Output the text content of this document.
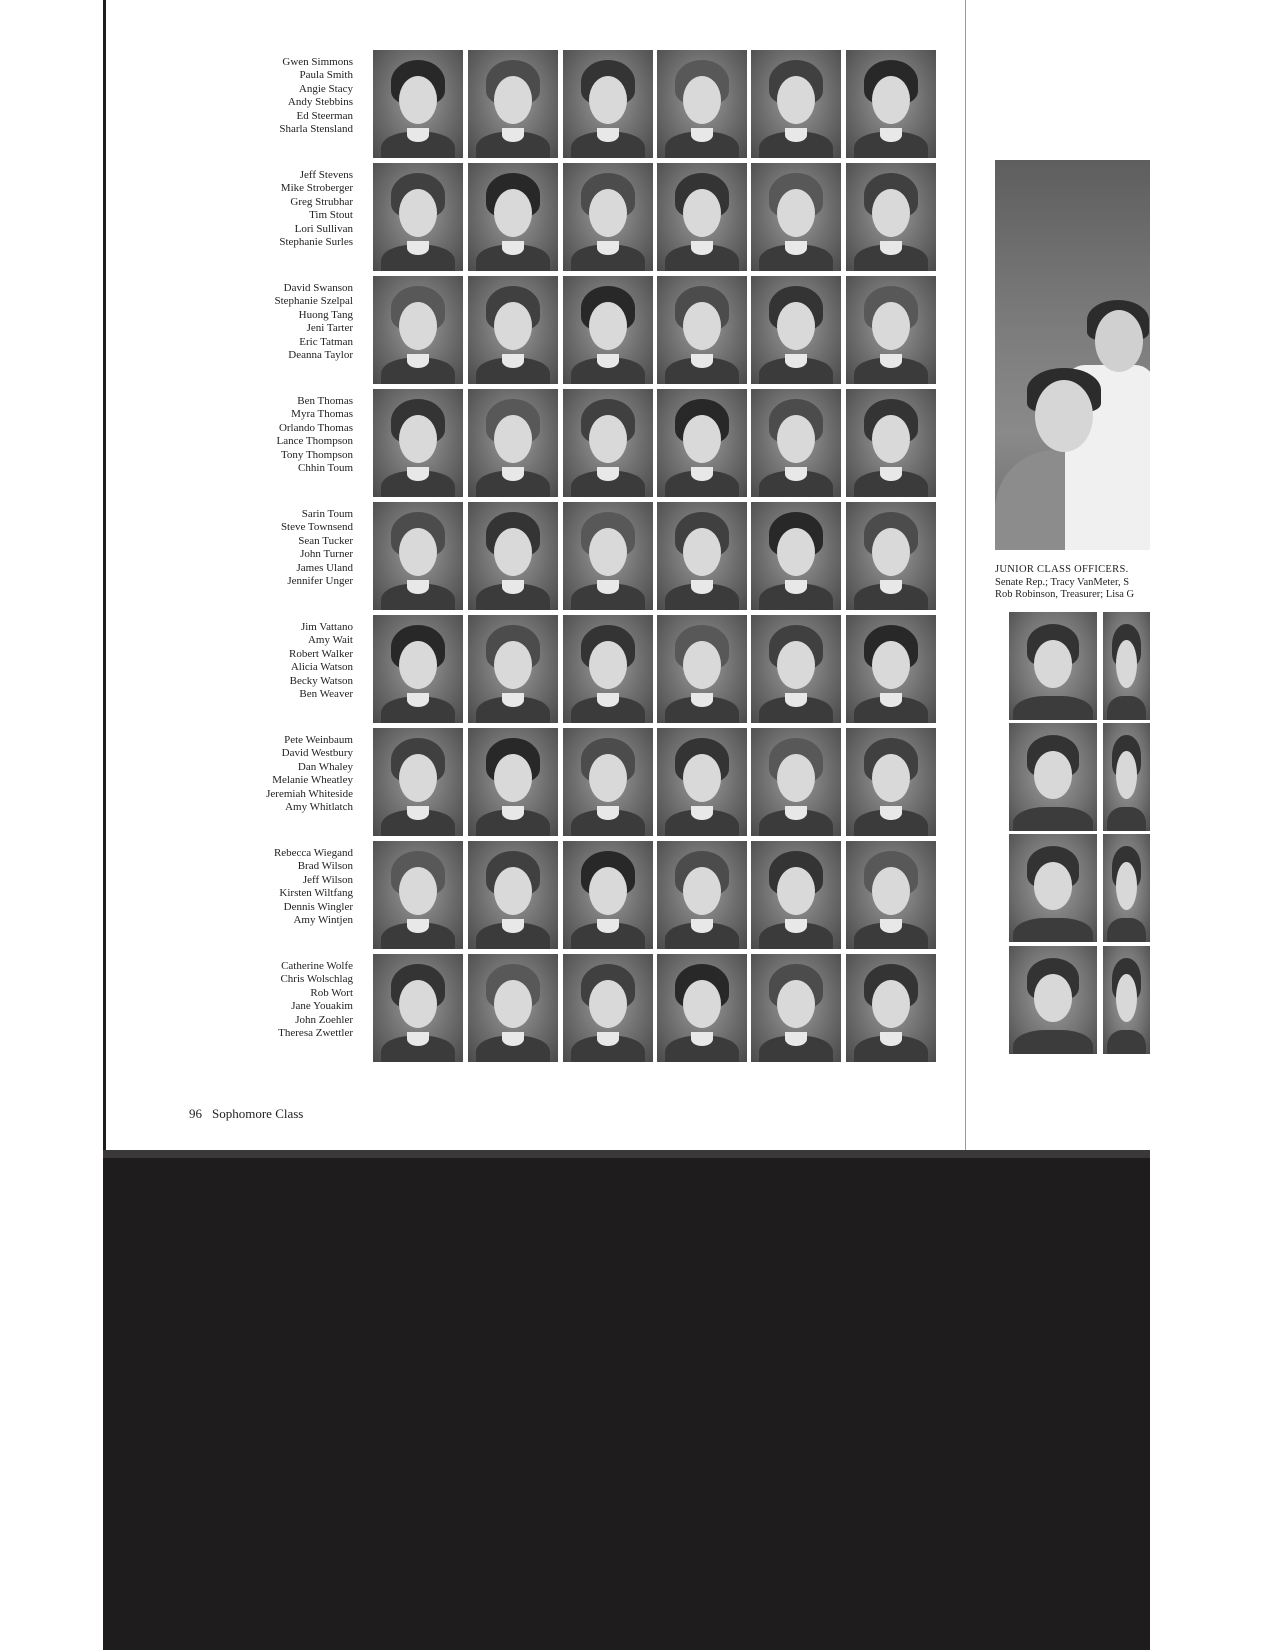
Gwen Simmons
Paula Smith
Angie Stacy
Andy Stebbins
Ed Steerman
Sharla Stensland
Jeff Stevens
Mike Stroberger
Greg Strubhar
Tim Stout
Lori Sullivan
Stephanie Surles
David Swanson
Stephanie Szelpal
Huong Tang
Jeni Tarter
Eric Tatman
Deanna Taylor
Ben Thomas
Myra Thomas
Orlando Thomas
Lance Thompson
Tony Thompson
Chhin Toum
Sarin Toum
Steve Townsend
Sean Tucker
John Turner
James Uland
Jennifer Unger
Jim Vattano
Amy Wait
Robert Walker
Alicia Watson
Becky Watson
Ben Weaver
Pete Weinbaum
David Westbury
Dan Whaley
Melanie Wheatley
Jeremiah Whiteside
Amy Whitlatch
Rebecca Wiegand
Brad Wilson
Jeff Wilson
Kirsten Wiltfang
Dennis Wingler
Amy Wintjen
Catherine Wolfe
Chris Wolschlag
Rob Wort
Jane Youakim
John Zoehler
Theresa Zwettler
96 Sophomore Class
JUNIOR CLASS OFFICERS.
Senate Rep.; Tracy VanMeter, S
Rob Robinson, Treasurer; Lisa G
